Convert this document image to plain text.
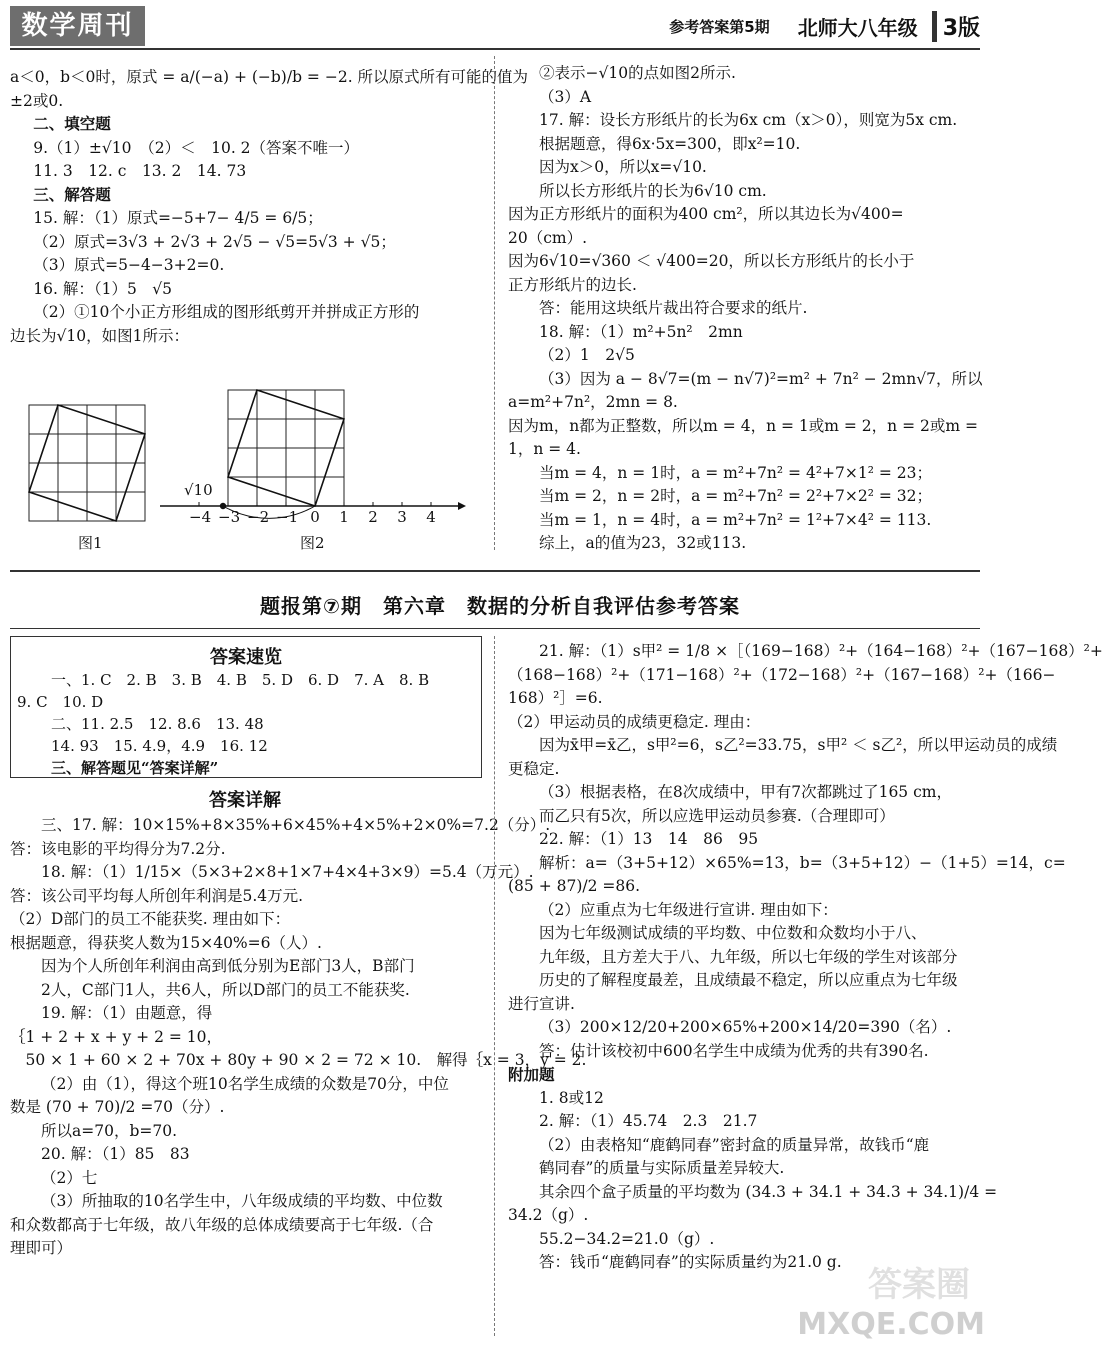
数学周刊	参考答案第5期 北师大八年级	3版

a＜0，b＜0时，原式 = a/(−a) + (−b)/b = −2. 所以原式所有可能的值为

±2或0.

二、填空题

9.（1）±√10　（2）＜　10. 2（答案不唯一）

11. 3　12. c　13. 2　14. 73

三、解答题

15. 解：（1）原式=−5+7− 4/5 = 6/5；

（2）原式=3√3 + 2√3 + 2√5 − √5=5√3 + √5；

（3）原式=5−4−3+2=0.

16. 解：（1）5　√5

（2）①10个小正方形组成的图形纸剪开并拼成正方形的

边长为√10，如图1所示：

图1
√10
−4 −3 −2 −1 0	1	2	3	4
图2

②表示−√10的点如图2所示.

（3）A

17. 解：设长方形纸片的长为6x cm（x＞0），则宽为5x cm.

根据题意，得6x·5x=300，即x²=10.

因为x＞0，所以x=√10.

所以长方形纸片的长为6√10 cm.

因为正方形纸片的面积为400 cm²，所以其边长为√400=

20（cm）.

因为6√10=√360 ＜ √400=20，所以长方形纸片的长小于

正方形纸片的边长.

答：能用这块纸片裁出符合要求的纸片.

18. 解：（1）m²+5n²　2mn

（2）1　2√5

（3）因为 a − 8√7=(m − n√7)²=m² + 7n² − 2mn√7，所以

a=m²+7n²，2mn = 8.

因为m，n都为正整数，所以m = 4，n = 1或m = 2，n = 2或m =

1，n = 4.

当m = 4，n = 1时，a = m²+7n² = 4²+7×1² = 23；

当m = 2，n = 2时，a = m²+7n² = 2²+7×2² = 32；

当m = 1，n = 4时，a = m²+7n² = 1²+7×4² = 113.

综上，a的值为23，32或113.

题报第⑦期　第六章　数据的分析自我评估参考答案
答案速览

一、1. C　2. B　3. B　4. B　5. D　6. D　7. A　8. B

9. C　10. D

二、11. 2.5　12. 8.6　13. 48

14. 93　15. 4.9，4.9　16. 12

三、解答题见“答案详解”

答案详解

三、17. 解：10×15%+8×35%+6×45%+4×5%+2×0%=7.2（分）.

答：该电影的平均得分为7.2分.

18. 解：（1）1/15×（5×3+2×8+1×7+4×4+3×9）=5.4（万元）.

答：该公司平均每人所创年利润是5.4万元.

（2）D部门的员工不能获奖. 理由如下：

根据题意，得获奖人数为15×40%=6（人）.

因为个人所创年利润由高到低分别为E部门3人，B部门

2人，C部门1人，共6人，所以D部门的员工不能获奖.

19. 解：（1）由题意，得

｛1 + 2 + x + y + 2 = 10，

　50 × 1 + 60 × 2 + 70x + 80y + 90 × 2 = 72 × 10.　解得｛x = 3，y = 2.

（2）由（1），得这个班10名学生成绩的众数是70分，中位

数是 (70 + 70)/2 =70（分）.

所以a=70，b=70.

20. 解：（1）85　83

（2）七

（3）所抽取的10名学生中，八年级成绩的平均数、中位数

和众数都高于七年级，故八年级的总体成绩要高于七年级.（合

理即可）

21. 解：（1）s甲² = 1/8 ×［（169−168）²+（164−168）²+（167−168）²+

（168−168）²+（171−168）²+（172−168）²+（167−168）²+（166−

168）²］=6.

（2）甲运动员的成绩更稳定. 理由：

因为x̄甲=x̄乙，s甲²=6，s乙²=33.75，s甲² ＜ s乙²，所以甲运动员的成绩

更稳定.

（3）根据表格，在8次成绩中，甲有7次都跳过了165 cm，

而乙只有5次，所以应选甲运动员参赛.（合理即可）

22. 解：（1）13　14　86　95

解析：a=（3+5+12）×65%=13，b=（3+5+12）−（1+5）=14，c=

(85 + 87)/2 =86.

（2）应重点为七年级进行宣讲. 理由如下：

因为七年级测试成绩的平均数、中位数和众数均小于八、

九年级，且方差大于八、九年级，所以七年级的学生对该部分

历史的了解程度最差，且成绩最不稳定，所以应重点为七年级

进行宣讲.

（3）200×12/20+200×65%+200×14/20=390（名）.

答：估计该校初中600名学生中成绩为优秀的共有390名.

附加题

1. 8或12

2. 解：（1）45.74　2.3　21.7

（2）由表格知“鹿鹤同春”密封盒的质量异常，故钱币“鹿

鹤同春”的质量与实际质量差异较大.

其余四个盒子质量的平均数为 (34.3 + 34.1 + 34.3 + 34.1)/4 =

34.2（g）.

55.2−34.2=21.0（g）.

答：钱币“鹿鹤同春”的实际质量约为21.0 g.

答案圈
MXQE.COM
